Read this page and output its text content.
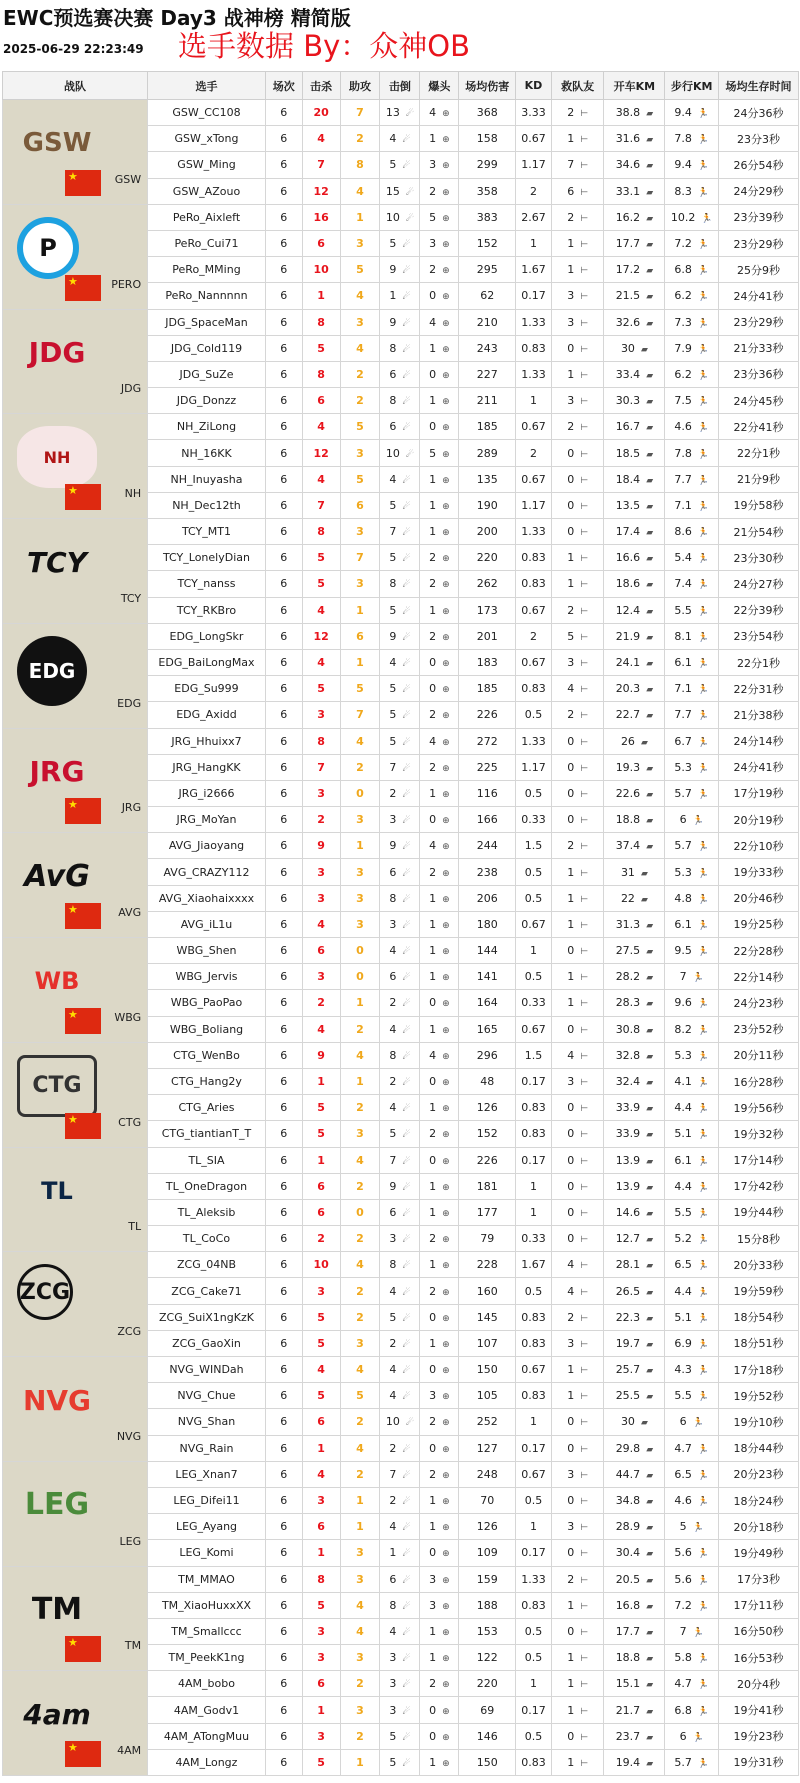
EWC预选赛决赛 Day3 战神榜 精简版
选手数据 By：众神OB
2025-06-29 22:23:49
战队	选手	场次	击杀	助攻	击倒	爆头	场均伤害	KD	救队友	开车KM	步行KM	场均生存时间

GSW
★
GSW	GSW_CC108	6	20	7	13 ☄	4 ⊕	368	3.33	2 ⊢	38.8 ▰	9.4 🏃	24分36秒
	GSW_xTong	6	4	2	4 ☄	1 ⊕	158	0.67	1 ⊢	31.6 ▰	7.8 🏃	23分3秒
	GSW_Ming	6	7	8	5 ☄	3 ⊕	299	1.17	7 ⊢	34.6 ▰	9.4 🏃	26分54秒
	GSW_AZouo	6	12	4	15 ☄	2 ⊕	358	2	6 ⊢	33.1 ▰	8.3 🏃	24分29秒

P
★
PERO	PeRo_Aixleft	6	16	1	10 ☄	5 ⊕	383	2.67	2 ⊢	16.2 ▰	10.2 🏃	23分39秒
	PeRo_Cui71	6	6	3	5 ☄	3 ⊕	152	1	1 ⊢	17.7 ▰	7.2 🏃	23分29秒
	PeRo_MMing	6	10	5	9 ☄	2 ⊕	295	1.67	1 ⊢	17.2 ▰	6.8 🏃	25分9秒
	PeRo_Nannnnn	6	1	4	1 ☄	0 ⊕	62	0.17	3 ⊢	21.5 ▰	6.2 🏃	24分41秒

JDG
JDG	JDG_SpaceMan	6	8	3	9 ☄	4 ⊕	210	1.33	3 ⊢	32.6 ▰	7.3 🏃	23分29秒
	JDG_Cold119	6	5	4	8 ☄	1 ⊕	243	0.83	0 ⊢	30 ▰	7.9 🏃	21分33秒
	JDG_SuZe	6	8	2	6 ☄	0 ⊕	227	1.33	1 ⊢	33.4 ▰	6.2 🏃	23分36秒
	JDG_Donzz	6	6	2	8 ☄	1 ⊕	211	1	3 ⊢	30.3 ▰	7.5 🏃	24分45秒

NH
★
NH	NH_ZiLong	6	4	5	6 ☄	0 ⊕	185	0.67	2 ⊢	16.7 ▰	4.6 🏃	22分41秒
	NH_16KK	6	12	3	10 ☄	5 ⊕	289	2	0 ⊢	18.5 ▰	7.8 🏃	22分1秒
	NH_Inuyasha	6	4	5	4 ☄	1 ⊕	135	0.67	0 ⊢	18.4 ▰	7.7 🏃	21分9秒
	NH_Dec12th	6	7	6	5 ☄	1 ⊕	190	1.17	0 ⊢	13.5 ▰	7.1 🏃	19分58秒

TCY
TCY	TCY_MT1	6	8	3	7 ☄	1 ⊕	200	1.33	0 ⊢	17.4 ▰	8.6 🏃	21分54秒
	TCY_LonelyDian	6	5	7	5 ☄	2 ⊕	220	0.83	1 ⊢	16.6 ▰	5.4 🏃	23分30秒
	TCY_nanss	6	5	3	8 ☄	2 ⊕	262	0.83	1 ⊢	18.6 ▰	7.4 🏃	24分27秒
	TCY_RKBro	6	4	1	5 ☄	1 ⊕	173	0.67	2 ⊢	12.4 ▰	5.5 🏃	22分39秒

EDG
EDG	EDG_LongSkr	6	12	6	9 ☄	2 ⊕	201	2	5 ⊢	21.9 ▰	8.1 🏃	23分54秒
	EDG_BaiLongMax	6	4	1	4 ☄	0 ⊕	183	0.67	3 ⊢	24.1 ▰	6.1 🏃	22分1秒
	EDG_Su999	6	5	5	5 ☄	0 ⊕	185	0.83	4 ⊢	20.3 ▰	7.1 🏃	22分31秒
	EDG_Axidd	6	3	7	5 ☄	2 ⊕	226	0.5	2 ⊢	22.7 ▰	7.7 🏃	21分38秒

JRG
★
JRG	JRG_Hhuixx7	6	8	4	5 ☄	4 ⊕	272	1.33	0 ⊢	26 ▰	6.7 🏃	24分14秒
	JRG_HangKK	6	7	2	7 ☄	2 ⊕	225	1.17	0 ⊢	19.3 ▰	5.3 🏃	24分41秒
	JRG_i2666	6	3	0	2 ☄	1 ⊕	116	0.5	0 ⊢	22.6 ▰	5.7 🏃	17分19秒
	JRG_MoYan	6	2	3	3 ☄	0 ⊕	166	0.33	0 ⊢	18.8 ▰	6 🏃	20分19秒

AvG
★
AVG	AVG_Jiaoyang	6	9	1	9 ☄	4 ⊕	244	1.5	2 ⊢	37.4 ▰	5.7 🏃	22分10秒
	AVG_CRAZY112	6	3	3	6 ☄	2 ⊕	238	0.5	1 ⊢	31 ▰	5.3 🏃	19分33秒
	AVG_Xiaohaixxxx	6	3	3	8 ☄	1 ⊕	206	0.5	1 ⊢	22 ▰	4.8 🏃	20分46秒
	AVG_iL1u	6	4	3	3 ☄	1 ⊕	180	0.67	1 ⊢	31.3 ▰	6.1 🏃	19分25秒

WB
★
WBG	WBG_Shen	6	6	0	4 ☄	1 ⊕	144	1	0 ⊢	27.5 ▰	9.5 🏃	22分28秒
	WBG_Jervis	6	3	0	6 ☄	1 ⊕	141	0.5	1 ⊢	28.2 ▰	7 🏃	22分14秒
	WBG_PaoPao	6	2	1	2 ☄	0 ⊕	164	0.33	1 ⊢	28.3 ▰	9.6 🏃	24分23秒
	WBG_Boliang	6	4	2	4 ☄	1 ⊕	165	0.67	0 ⊢	30.8 ▰	8.2 🏃	23分52秒

CTG
★
CTG	CTG_WenBo	6	9	4	8 ☄	4 ⊕	296	1.5	4 ⊢	32.8 ▰	5.3 🏃	20分11秒
	CTG_Hang2y	6	1	1	2 ☄	0 ⊕	48	0.17	3 ⊢	32.4 ▰	4.1 🏃	16分28秒
	CTG_Aries	6	5	2	4 ☄	1 ⊕	126	0.83	0 ⊢	33.9 ▰	4.4 🏃	19分56秒
	CTG_tiantianT_T	6	5	3	5 ☄	2 ⊕	152	0.83	0 ⊢	33.9 ▰	5.1 🏃	19分32秒

TL
TL	TL_SIA	6	1	4	7 ☄	0 ⊕	226	0.17	0 ⊢	13.9 ▰	6.1 🏃	17分14秒
	TL_OneDragon	6	6	2	9 ☄	1 ⊕	181	1	0 ⊢	13.9 ▰	4.4 🏃	17分42秒
	TL_Aleksib	6	6	0	6 ☄	1 ⊕	177	1	0 ⊢	14.6 ▰	5.5 🏃	19分44秒
	TL_CoCo	6	2	2	3 ☄	2 ⊕	79	0.33	0 ⊢	12.7 ▰	5.2 🏃	15分8秒

ZCG
ZCG	ZCG_04NB	6	10	4	8 ☄	1 ⊕	228	1.67	4 ⊢	28.1 ▰	6.5 🏃	20分33秒
	ZCG_Cake71	6	3	2	4 ☄	2 ⊕	160	0.5	4 ⊢	26.5 ▰	4.4 🏃	19分59秒
	ZCG_SuiX1ngKzK	6	5	2	5 ☄	0 ⊕	145	0.83	2 ⊢	22.3 ▰	5.1 🏃	18分54秒
	ZCG_GaoXin	6	5	3	2 ☄	1 ⊕	107	0.83	3 ⊢	19.7 ▰	6.9 🏃	18分51秒

NVG
NVG	NVG_WINDah	6	4	4	4 ☄	0 ⊕	150	0.67	1 ⊢	25.7 ▰	4.3 🏃	17分18秒
	NVG_Chue	6	5	5	4 ☄	3 ⊕	105	0.83	1 ⊢	25.5 ▰	5.5 🏃	19分52秒
	NVG_Shan	6	6	2	10 ☄	2 ⊕	252	1	0 ⊢	30 ▰	6 🏃	19分10秒
	NVG_Rain	6	1	4	2 ☄	0 ⊕	127	0.17	0 ⊢	29.8 ▰	4.7 🏃	18分44秒

LEG
LEG	LEG_Xnan7	6	4	2	7 ☄	2 ⊕	248	0.67	3 ⊢	44.7 ▰	6.5 🏃	20分23秒
	LEG_Difei11	6	3	1	2 ☄	1 ⊕	70	0.5	0 ⊢	34.8 ▰	4.6 🏃	18分24秒
	LEG_Ayang	6	6	1	4 ☄	1 ⊕	126	1	3 ⊢	28.9 ▰	5 🏃	20分18秒
	LEG_Komi	6	1	3	1 ☄	0 ⊕	109	0.17	0 ⊢	30.4 ▰	5.6 🏃	19分49秒

TM
★
TM	TM_MMAO	6	8	3	6 ☄	3 ⊕	159	1.33	2 ⊢	20.5 ▰	5.6 🏃	17分3秒
	TM_XiaoHuxxXX	6	5	4	8 ☄	3 ⊕	188	0.83	1 ⊢	16.8 ▰	7.2 🏃	17分11秒
	TM_Smallccc	6	3	4	4 ☄	1 ⊕	153	0.5	0 ⊢	17.7 ▰	7 🏃	16分50秒
	TM_PeekK1ng	6	3	3	3 ☄	1 ⊕	122	0.5	1 ⊢	18.8 ▰	5.8 🏃	16分53秒

4am
★
4AM	4AM_bobo	6	6	2	3 ☄	2 ⊕	220	1	1 ⊢	15.1 ▰	4.7 🏃	20分4秒
	4AM_Godv1	6	1	3	3 ☄	0 ⊕	69	0.17	1 ⊢	21.7 ▰	6.8 🏃	19分41秒
	4AM_ATongMuu	6	3	2	5 ☄	0 ⊕	146	0.5	0 ⊢	23.7 ▰	6 🏃	19分23秒
	4AM_Longz	6	5	1	5 ☄	1 ⊕	150	0.83	1 ⊢	19.4 ▰	5.7 🏃	19分31秒
